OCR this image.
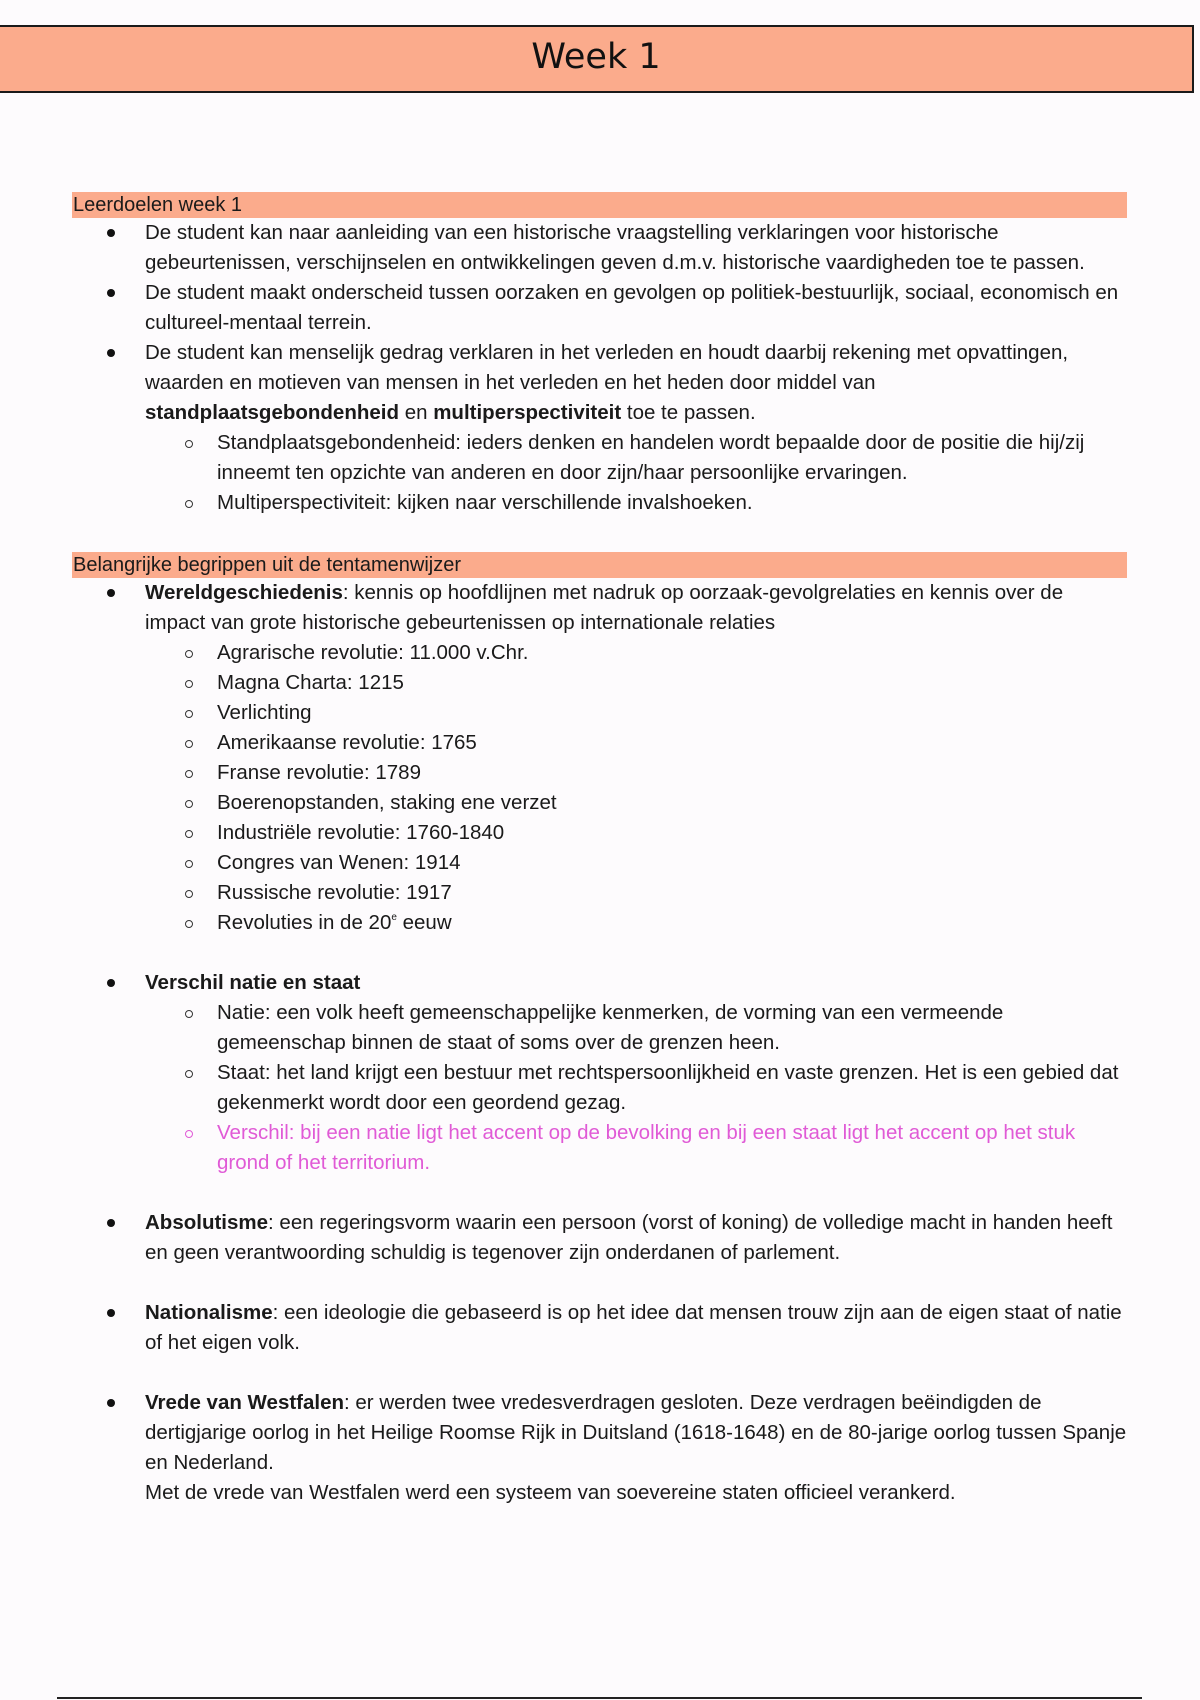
Week 1
Leerdoelen week 1
De student kan naar aanleiding van een historische vraagstelling verklaringen voor historische gebeurtenissen, verschijnselen en ontwikkelingen geven d.m.v. historische vaardigheden toe te passen.
De student maakt onderscheid tussen oorzaken en gevolgen op politiek-bestuurlijk, sociaal, economisch en cultureel-mentaal terrein.
De student kan menselijk gedrag verklaren in het verleden en houdt daarbij rekening met opvattingen, waarden en motieven van mensen in het verleden en het heden door middel van standplaatsgebondenheid en multiperspectiviteit toe te passen.
Standplaatsgebondenheid: ieders denken en handelen wordt bepaalde door de positie die hij/zij inneemt ten opzichte van anderen en door zijn/haar persoonlijke ervaringen.
Multiperspectiviteit: kijken naar verschillende invalshoeken.
Belangrijke begrippen uit de tentamenwijzer
Wereldgeschiedenis: kennis op hoofdlijnen met nadruk op oorzaak-gevolgrelaties en kennis over de impact van grote historische gebeurtenissen op internationale relaties
Agrarische revolutie: 11.000 v.Chr.
Magna Charta: 1215
Verlichting
Amerikaanse revolutie: 1765
Franse revolutie: 1789
Boerenopstanden, staking ene verzet
Industriële revolutie: 1760-1840
Congres van Wenen: 1914
Russische revolutie: 1917
Revoluties in de 20e eeuw
Verschil natie en staat
Natie: een volk heeft gemeenschappelijke kenmerken, de vorming van een vermeende gemeenschap binnen de staat of soms over de grenzen heen.
Staat: het land krijgt een bestuur met rechtspersoonlijkheid en vaste grenzen. Het is een gebied dat gekenmerkt wordt door een geordend gezag.
Verschil: bij een natie ligt het accent op de bevolking en bij een staat ligt het accent op het stuk grond of het territorium.
Absolutisme: een regeringsvorm waarin een persoon (vorst of koning) de volledige macht in handen heeft en geen verantwoording schuldig is tegenover zijn onderdanen of parlement.
Nationalisme: een ideologie die gebaseerd is op het idee dat mensen trouw zijn aan de eigen staat of natie of het eigen volk.
Vrede van Westfalen: er werden twee vredesverdragen gesloten. Deze verdragen beëindigden de dertigjarige oorlog in het Heilige Roomse Rijk in Duitsland (1618-1648) en de 80-jarige oorlog tussen Spanje en Nederland.
Met de vrede van Westfalen werd een systeem van soevereine staten officieel verankerd.
